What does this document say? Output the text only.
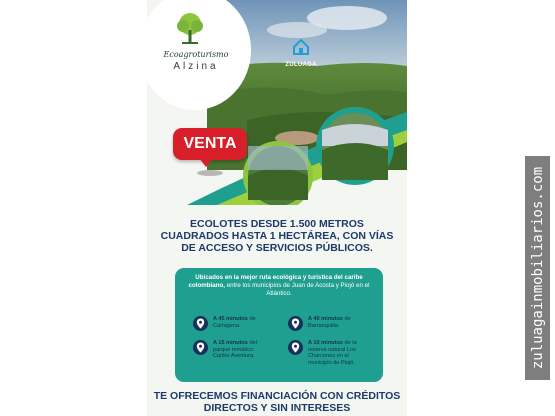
Ecoagroturismo
Alzina	ZULUAGA
VENTA
ECOLOTES DESDE 1.500 METROS CUADRADOS HASTA 1 HECTÁREA, CON VÍAS DE ACCESO Y SERVICIOS PÚBLICOS.
Ubicados en la mejor ruta ecológica y turística del caribe colombiano, entre los municipios de Juan de Acosta y Piojó en el Atlántico.
A 45 minutos de Cartagena.
A 40 minutos de Barranquilla.
A 15 minutos del parque temático Caribe Aventura.
A 10 minutos de la reserva natural Los Charcones en el municipio de Piojó.
TE OFRECEMOS FINANCIACIÓN CON CRÉDITOS DIRECTOS Y SIN INTERESES
zuluagainmobiliarios.com
